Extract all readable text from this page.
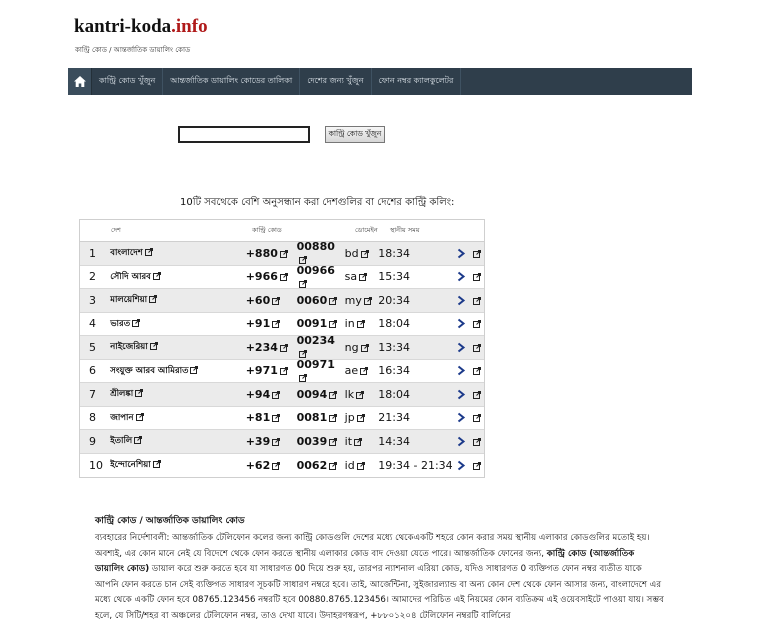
kantri-koda.info
কান্ট্রি কোড / আন্তর্জাতিক ডায়ালিং কোড
কান্ট্রি কোড খুঁজুন	আন্তর্জাতিক ডায়ালিং কোডের তালিকা	দেশের জন্য খুঁজুন	ফোন নম্বর ক্যালকুলেটর
কান্ট্রি কোড খুঁজুন
10টি সবথেকে বেশি অনুসন্ধান করা দেশগুলির বা দেশের কান্ট্রি কলিং:
দেশ	কান্ট্রি কোড	ডোমেইন	স্থানীয় সময়
1	বাংলাদেশ	+880	00880 bd	18:34
2	সৌদি আরব	+966	00966 sa	15:34
3	মালয়েশিয়া	+60	0060	my	20:34
4	ভারত	+91	0091	in	18:04
5	নাইজেরিয়া	+234	00234 ng	13:34
6	সংযুক্ত আরব আমিরাত	+971	00971 ae	16:34
7	শ্রীলঙ্কা	+94	0094	lk	18:04
8	জাপান	+81	0081	jp	21:34
9	ইতালি	+39	0039	it	14:34
10 ইন্দোনেশিয়া	+62	0062	id	19:34 - 21:34
কান্ট্রি কোড / আন্তর্জাতিক ডায়ালিং কোড
ব্যবহারের নির্দেশাবলী: আন্তর্জাতিক টেলিফোন কলের জন্য কান্ট্রি কোডগুলি দেশের মধ্যে থেকেএকটি শহরে কোন করার সময় স্থানীয় এলাকার কোডগুলির মতোই হয়। অবশ্যই, এর কোন মানে নেই যে বিদেশে থেকে ফোন করতে স্থানীয় এলাকার কোড বাদ দেওয়া যেতে পারে। আন্তর্জাতিক ফোনের জন্য, কান্ট্রি কোড (আন্তর্জাতিক ডায়ালিং কোড) ডায়াল করে শুরু করতে হবে যা সাধারণত 00 দিয়ে শুরু হয়, তারপর ন্যাশনাল এরিয়া কোড, যদিও সাধারণত 0 ব্যক্তিগত ফোন নম্বর ব্যতীত যাকে আপনি ফোন করতে চান সেই ব্যক্তিগত সাধারণ সূচকটি সাধারণ নম্বরে হবে। তাই, আর্জেন্টিনা, সুইজারল্যান্ড বা অন্য কোন দেশ থেকে ফোন আসার জন্য, বাংলাদেশে এর মধ্যে থেকে একটি ফোন হবে 08765.123456 নম্বরটি হবে 00880.8765.123456। আমাদের পরিচিত এই নিয়মের কোন ব্যতিক্রম এই ওয়েবসাইটে পাওয়া যায়। সম্ভব হলে, যে সিটি/শহর বা অঞ্চলের টেলিফোন নম্বর, তাও দেখা যাবে। উদাহরণস্বরূপ, +৮৮০১২০৪ টেলিফোন নম্বরটি বার্লিনের
